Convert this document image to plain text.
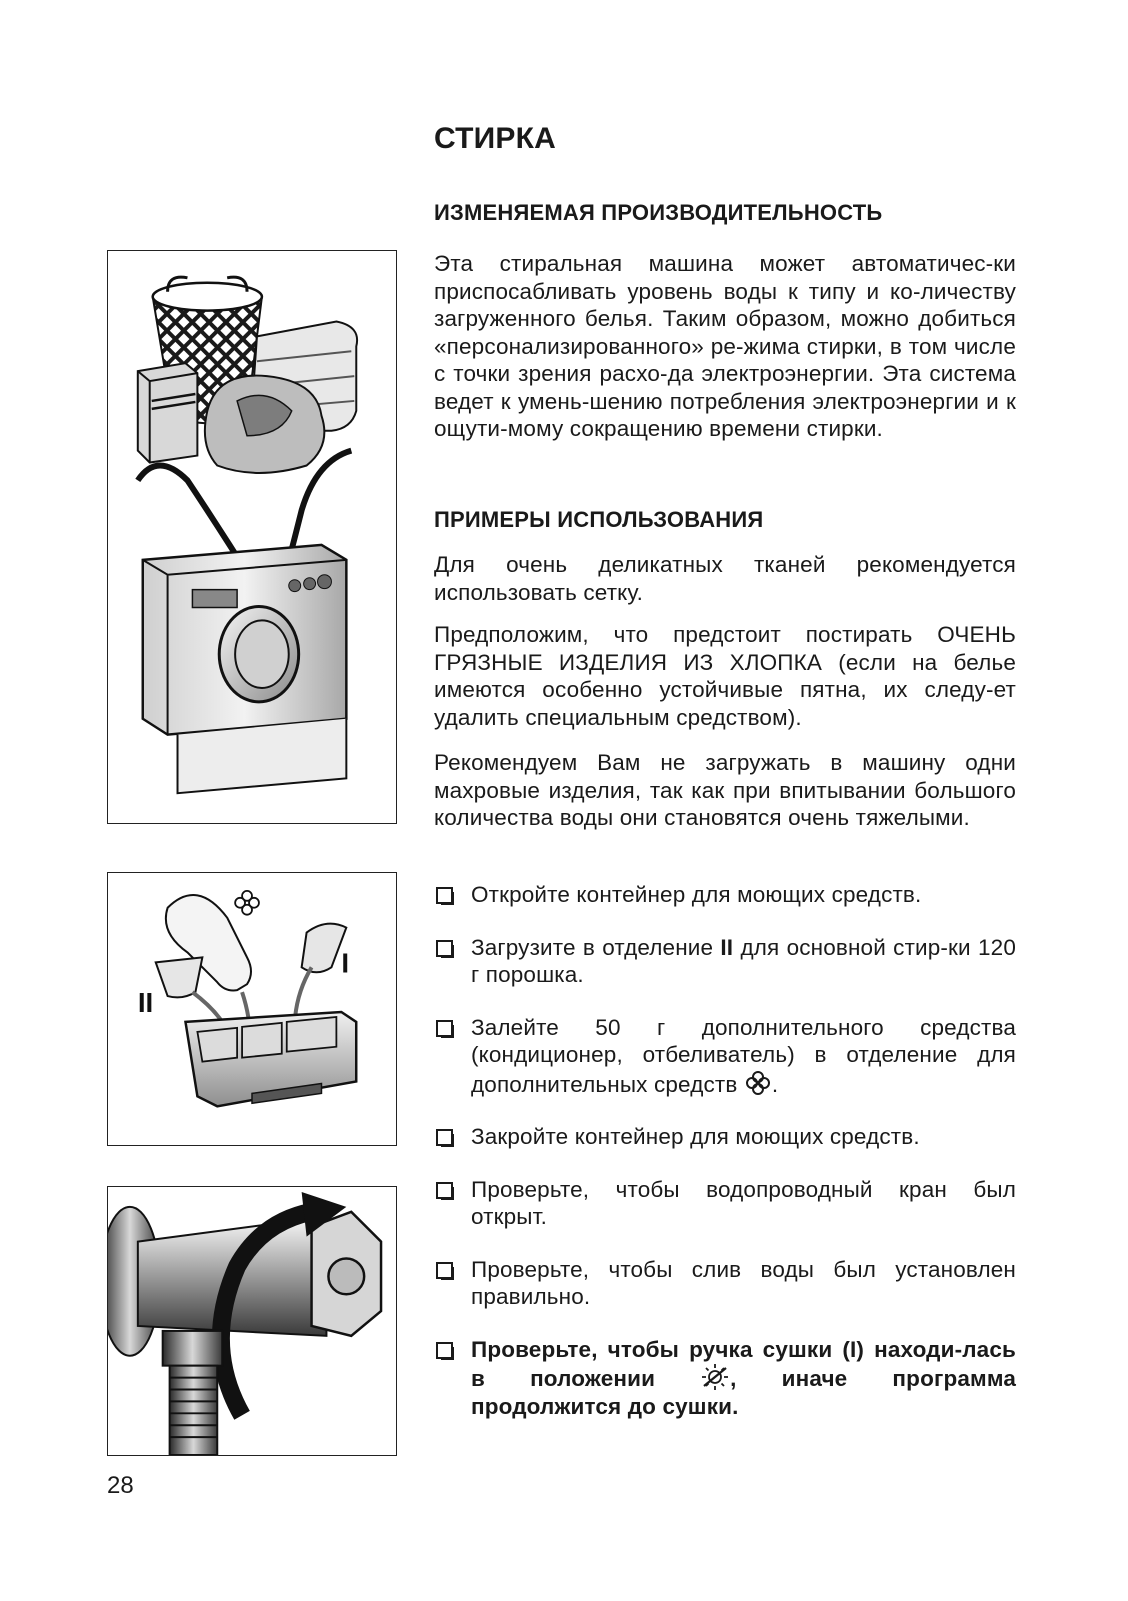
II
I
СТИРКА
ИЗМЕНЯЕМАЯ ПРОИЗВОДИТЕЛЬНОСТЬ

Эта стиральная машина может автоматичес-ки приспосабливать уровень воды к типу и ко-личеству загруженного белья. Таким образом, можно добиться «персонализированного» ре-жима стирки, в том числе с точки зрения расхо-да электроэнергии. Эта система ведет к умень-шению потребления электроэнергии и к ощути-мому сокращению времени стирки.

ПРИМЕРЫ ИСПОЛЬЗОВАНИЯ

Для очень деликатных тканей рекомендуется использовать сетку.

Предположим, что предстоит постирать ОЧЕНЬ ГРЯЗНЫЕ ИЗДЕЛИЯ ИЗ ХЛОПКА (если на белье имеются особенно устойчивые пятна, их следу-ет удалить специальным средством).

Рекомендуем Вам не загружать в машину одни махровые изделия, так как при впитывании большого количества воды они становятся очень тяжелыми.

Откройте контейнер для моющих средств.
Загрузите в отделение II для основной стир-ки 120 г порошка.
Залейте 50 г дополнительного средства (кондиционер, отбеливатель) в отделение для дополнительных средств .
Закройте контейнер для моющих средств.
Проверьте, чтобы водопроводный кран был открыт.
Проверьте, чтобы слив воды был установлен правильно.
Проверьте, чтобы ручка сушки (I) находи-лась в положении , иначе программа продолжится до сушки.
28
